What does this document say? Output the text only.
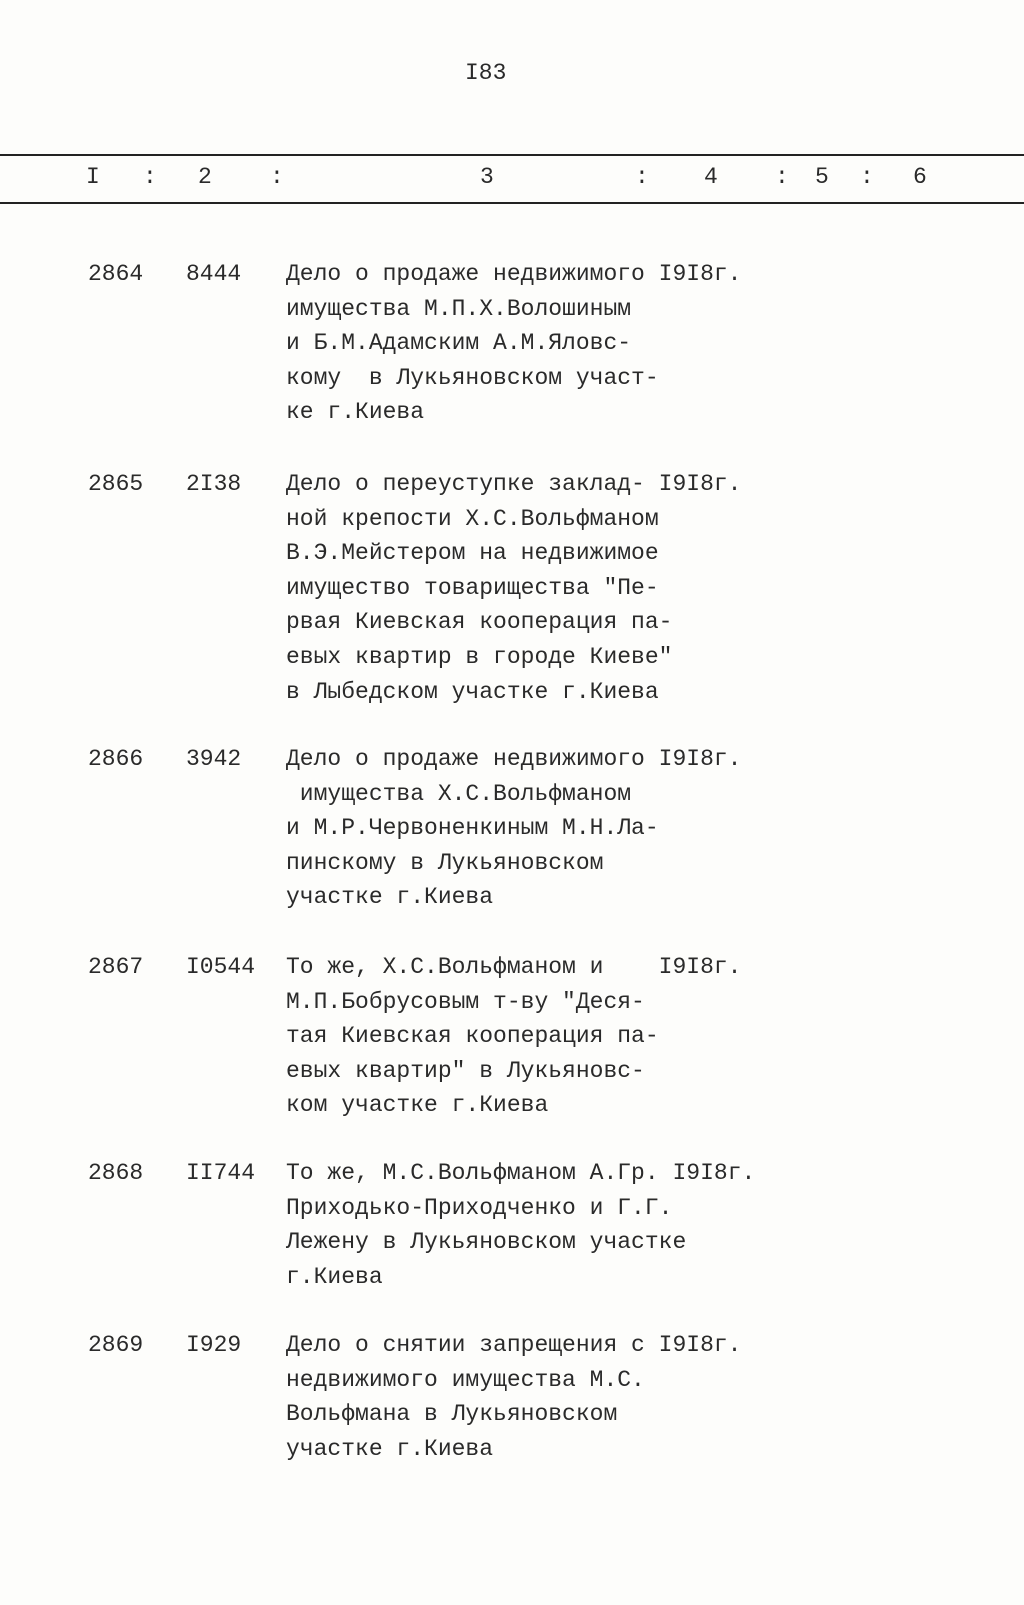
I83
I : 2	:	3	: 4 : 5 : 6
2864 8444 Дело о продаже недвижимого I9I8г.
имущества М.П.Х.Волошиным
и Б.М.Адамским А.М.Яловс-
кому  в Лукьяновском участ-
ке г.Киева
2865 2I38 Дело о переуступке заклад- I9I8г.
ной крепости Х.С.Вольфманом
В.Э.Мейстером на недвижимое
имущество товарищества "Пе-
рвая Киевская кооперация па-
евых квартир в городе Киеве"
в Лыбедском участке г.Киева
2866 3942 Дело о продаже недвижимого I9I8г.
имущества Х.С.Вольфманом
и М.Р.Червоненкиным М.Н.Ла-
пинскому в Лукьяновском
участке г.Киева
2867 I0544 То же, Х.С.Вольфманом и    I9I8г.
М.П.Бобрусовым т-ву "Деся-
тая Киевская кооперация па-
евых квартир" в Лукьяновс-
ком участке г.Киева
2868 II744 То же, М.С.Вольфманом А.Гр. I9I8г.
Приходько-Приходченко и Г.Г.
Лежену в Лукьяновском участке
г.Киева
2869 I929 Дело о снятии запрещения с I9I8г.
недвижимого имущества М.С.
Вольфмана в Лукьяновском
участке г.Киева
